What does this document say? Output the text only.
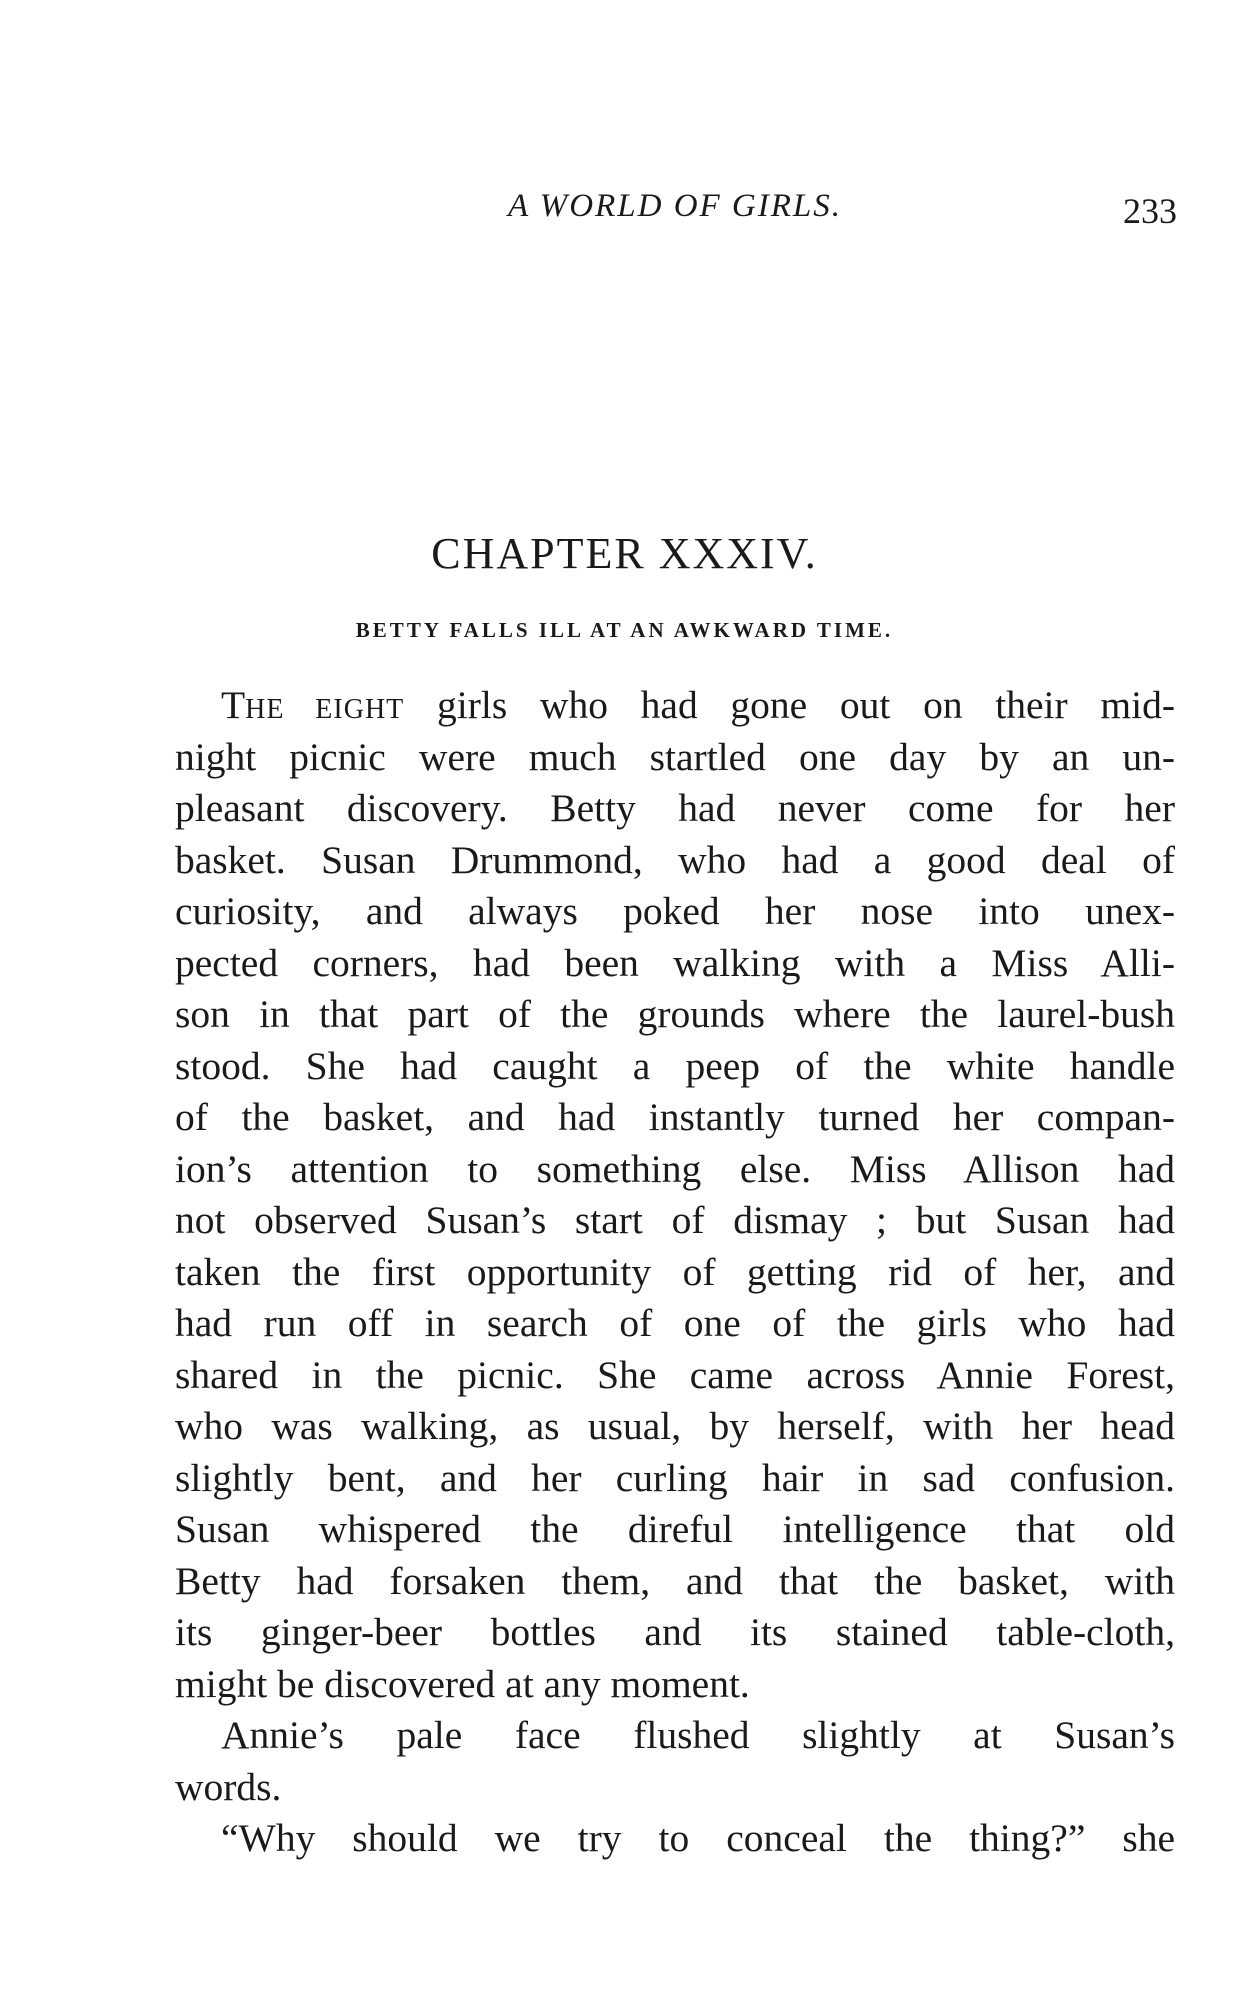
A WORLD OF GIRLS.	233
CHAPTER XXXIV.
BETTY FALLS ILL AT AN AWKWARD TIME.
THE EIGHT girls who had gone out on their mid-
night picnic were much startled one day by an un-
pleasant discovery. Betty had never come for her
basket. Susan Drummond, who had a good deal of
curiosity, and always poked her nose into unex-
pected corners, had been walking with a Miss Alli-
son in that part of the grounds where the laurel-bush
stood. She had caught a peep of the white handle
of the basket, and had instantly turned her compan-
ion’s attention to something else. Miss Allison had
not observed Susan’s start of dismay ; but Susan had
taken the first opportunity of getting rid of her, and
had run off in search of one of the girls who had
shared in the picnic. She came across Annie Forest,
who was walking, as usual, by herself, with her head
slightly bent, and her curling hair in sad confusion.
Susan whispered the direful intelligence that old
Betty had forsaken them, and that the basket, with
its ginger-beer bottles and its stained table-cloth,
might be discovered at any moment.
Annie’s pale face flushed slightly at Susan’s
words.
“Why should we try to conceal the thing?” she
